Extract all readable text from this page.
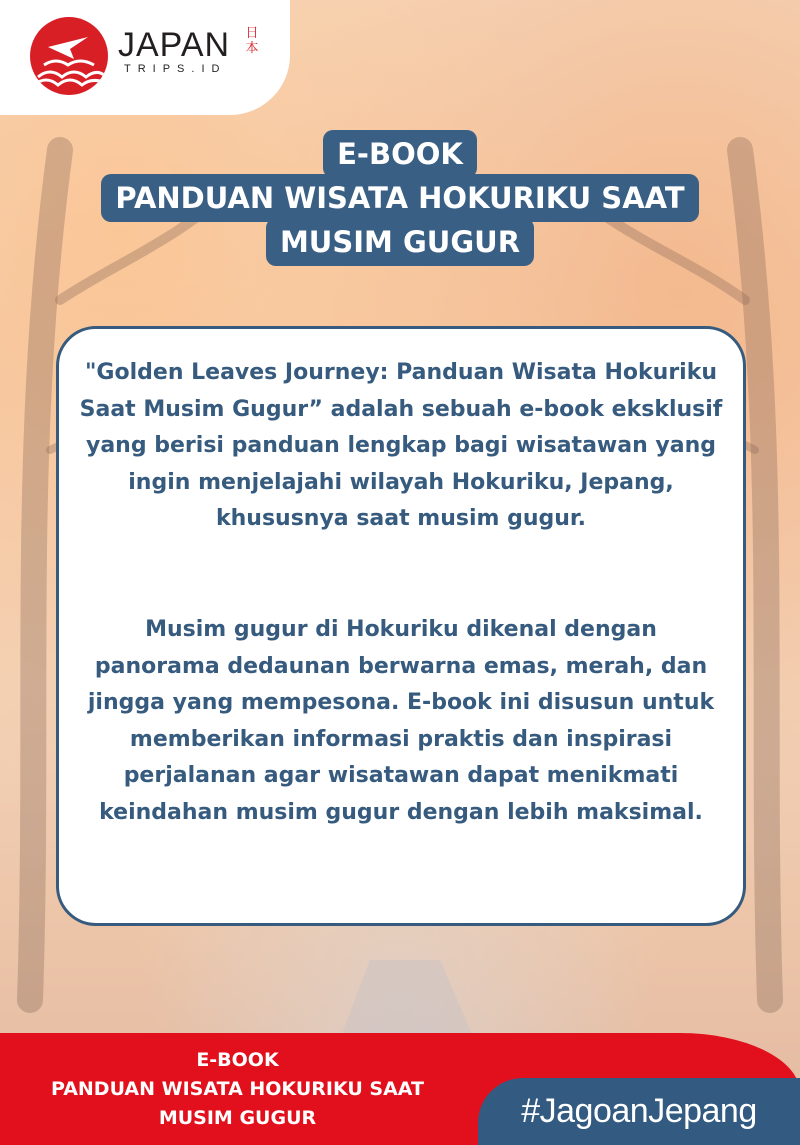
JAPAN
TRIPS.ID
日
本
E-BOOK
PANDUAN WISATA HOKURIKU SAAT
MUSIM GUGUR

"Golden Leaves Journey: Panduan Wisata Hokuriku Saat Musim Gugur” adalah sebuah e-book eksklusif yang berisi panduan lengkap bagi wisatawan yang ingin menjelajahi wilayah Hokuriku, Jepang, khususnya saat musim gugur.

Musim gugur di Hokuriku dikenal dengan panorama dedaunan berwarna emas, merah, dan jingga yang mempesona. E-book ini disusun untuk memberikan informasi praktis dan inspirasi perjalanan agar wisatawan dapat menikmati keindahan musim gugur dengan lebih maksimal.

E-BOOK
PANDUAN WISATA HOKURIKU SAAT
MUSIM GUGUR	#JagoanJepang
